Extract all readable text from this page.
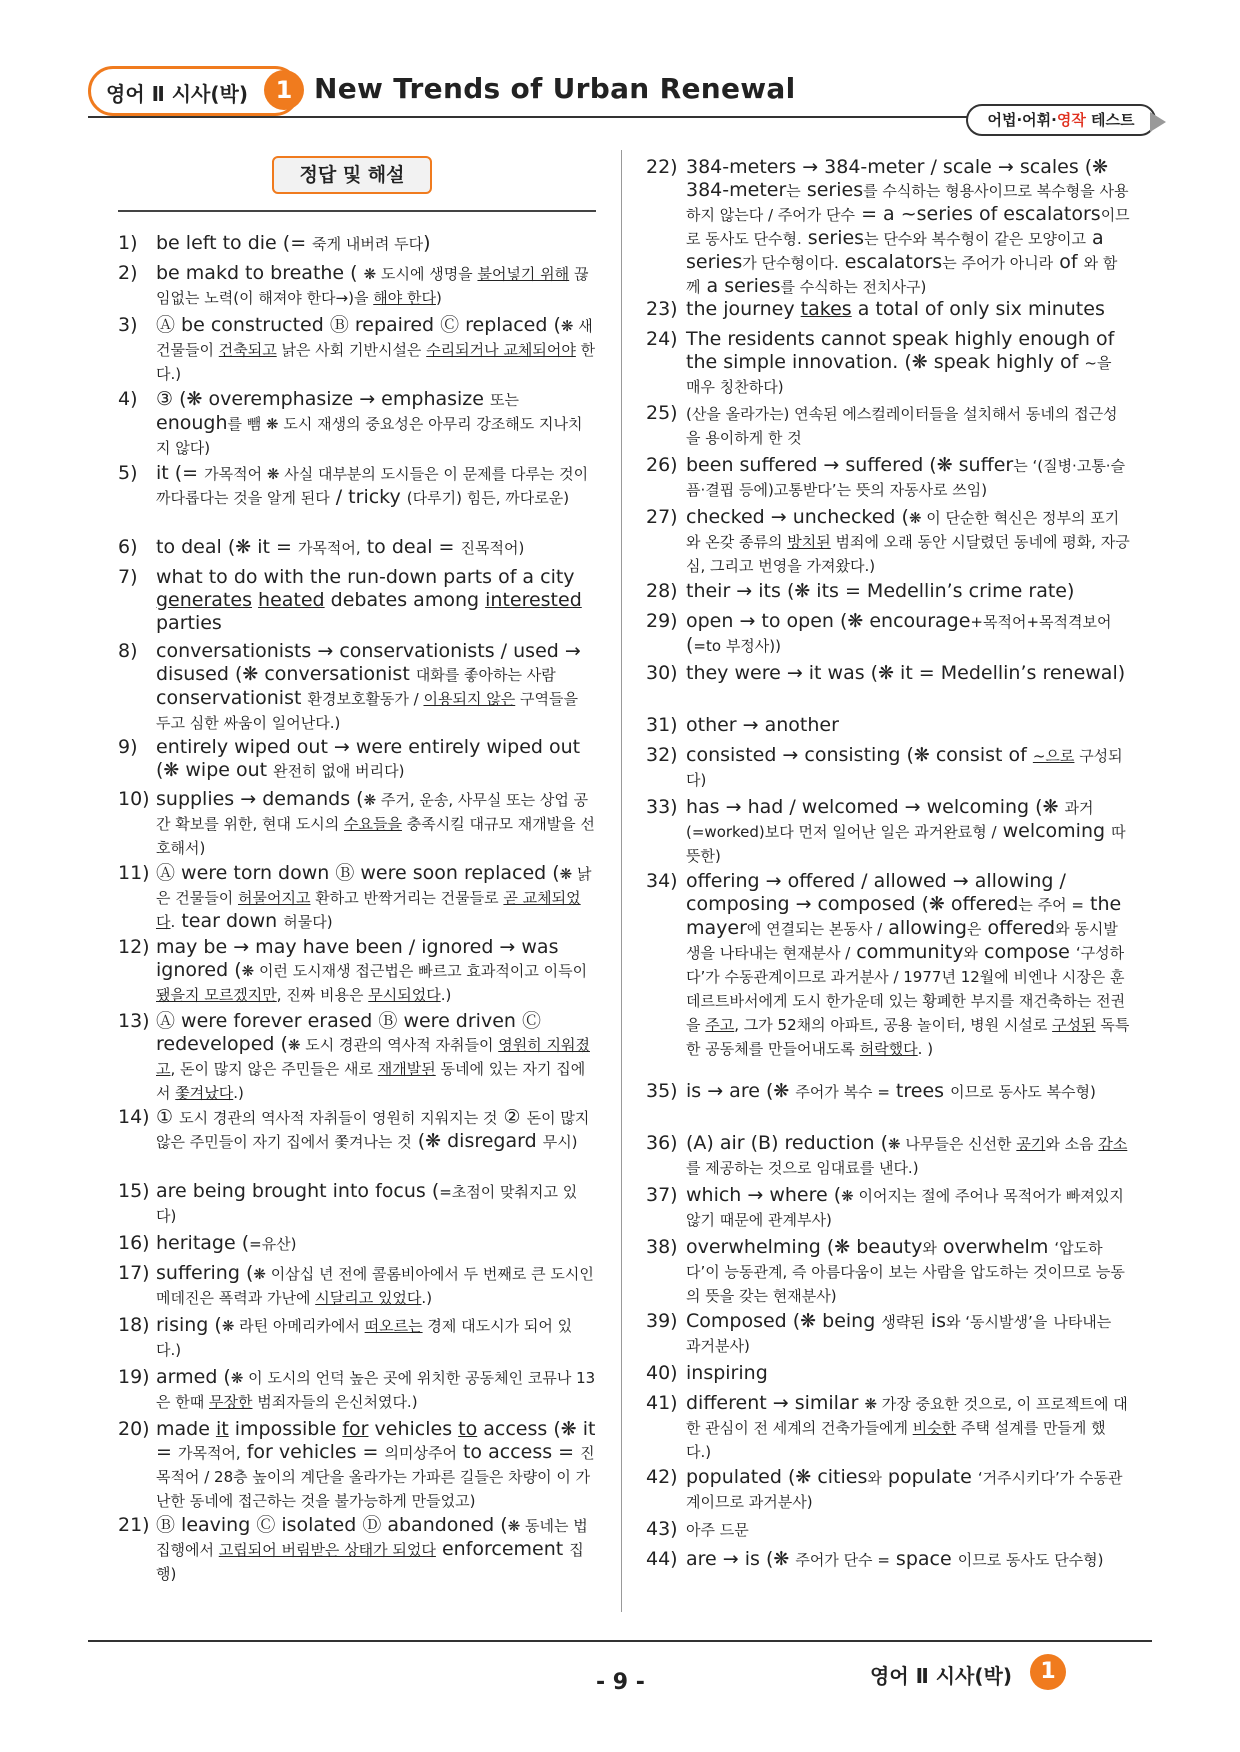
영어 Ⅱ 시사(박)	1 New Trends of Urban Renewal
어법·어휘·영작 테스트
정답 및 해설
1) be left to die (= 죽게 내버려 두다)
2) be makd to breathe ( ❋ 도시에 생명을 불어넣기 위해 끊임없는 노력(이 해져야 한다→)을 해야 한다)
3) Ⓐ be constructed Ⓑ repaired Ⓒ replaced (❋ 새 건물들이 건축되고 낡은 사회 기반시설은 수리되거나 교체되어야 한다.)
4) ③ (❋ overemphasize → emphasize 또는 enough를 뺌 ❋ 도시 재생의 중요성은 아무리 강조해도 지나치지 않다)
5) it (= 가목적어 ❋ 사실 대부분의 도시들은 이 문제를 다루는 것이 까다롭다는 것을 알게 된다 / tricky (다루기) 힘든, 까다로운)
6) to deal (❋ it = 가목적어, to deal = 진목적어)
7) what to do with the run-down parts of a city generates heated debates among interested parties
8) conversationists → conservationists / used → disused (❋ conversationist 대화를 좋아하는 사람 conservationist 환경보호활동가 / 이용되지 않은 구역들을 두고 심한 싸움이 일어난다.)
9) entirely wiped out → were entirely wiped out (❋ wipe out 완전히 없애 버리다)
10) supplies → demands (❋ 주거, 운송, 사무실 또는 상업 공간 확보를 위한, 현대 도시의 수요들을 충족시킬 대규모 재개발을 선호해서)
11) Ⓐ were torn down Ⓑ were soon replaced (❋ 낡은 건물들이 허물어지고 환하고 반짝거리는 건물들로 곧 교체되었다. tear down 허물다)
12) may be → may have been / ignored → was ignored (❋ 이런 도시재생 접근법은 빠르고 효과적이고 이득이 됐을지 모르겠지만, 진짜 비용은 무시되었다.)
13) Ⓐ were forever erased Ⓑ were driven Ⓒ redeveloped (❋ 도시 경관의 역사적 자취들이 영원히 지워졌고, 돈이 많지 않은 주민들은 새로 재개발된 동네에 있는 자기 집에서 쫓겨났다.)
14) ① 도시 경관의 역사적 자취들이 영원히 지워지는 것 ② 돈이 많지 않은 주민들이 자기 집에서 쫓겨나는 것 (❋ disregard 무시)
15) are being brought into focus (=초점이 맞춰지고 있다)
16) heritage (=유산)
17) suffering (❋ 이삼십 년 전에 콜롬비아에서 두 번째로 큰 도시인 메데진은 폭력과 가난에 시달리고 있었다.)
18) rising (❋ 라틴 아메리카에서 떠오르는 경제 대도시가 되어 있다.)
19) armed (❋ 이 도시의 언덕 높은 곳에 위치한 공동체인 코뮤나 13은 한때 무장한 범죄자들의 은신처였다.)
20) made it impossible for vehicles to access (❋ it = 가목적어, for vehicles = 의미상주어 to access = 진목적어 / 28층 높이의 계단을 올라가는 가파른 길들은 차량이 이 가난한 동네에 접근하는 것을 불가능하게 만들었고)
21) Ⓑ leaving Ⓒ isolated Ⓓ abandoned (❋ 동네는 법 집행에서 고립되어 버림받은 상태가 되었다 enforcement 집행)
22) 384-meters → 384-meter / scale → scales (❋ 384-meter는 series를 수식하는 형용사이므로 복수형을 사용하지 않는다 / 주어가 단수 = a ~series of escalators이므로 동사도 단수형. series는 단수와 복수형이 같은 모양이고 a series가 단수형이다. escalators는 주어가 아니라 of 와 함께 a series를 수식하는 전치사구)
23) the journey takes a total of only six minutes
24) The residents cannot speak highly enough of the simple innovation. (❋ speak highly of ~을 매우 칭찬하다)
25) (산을 올라가는) 연속된 에스컬레이터들을 설치해서 동네의 접근성을 용이하게 한 것
26) been suffered → suffered (❋ suffer는 ‘(질병·고통·슬픔·결핍 등에)고통받다’는 뜻의 자동사로 쓰임)
27) checked → unchecked (❋ 이 단순한 혁신은 정부의 포기와 온갖 종류의 방치된 범죄에 오래 동안 시달렸던 동네에 평화, 자긍심, 그리고 번영을 가져왔다.)
28) their → its (❋ its = Medellin’s crime rate)
29) open → to open (❋ encourage+목적어+목적격보어 (=to 부정사))
30) they were → it was (❋ it = Medellin’s renewal)
31) other → another
32) consisted → consisting (❋ consist of ~으로 구성되다)
33) has → had / welcomed → welcoming (❋ 과거(=worked)보다 먼저 일어난 일은 과거완료형 / welcoming 따뜻한)
34) offering → offered / allowed → allowing / composing → composed (❋ offered는 주어 = the mayer에 연결되는 본동사 / allowing은 offered와 동시발생을 나타내는 현재분사 / community와 compose ‘구성하다’가 수동관계이므로 과거분사 / 1977년 12월에 비엔나 시장은 훈데르트바서에게 도시 한가운데 있는 황폐한 부지를 재건축하는 전권을 주고, 그가 52채의 아파트, 공용 놀이터, 병원 시설로 구성된 독특한 공동체를 만들어내도록 허락했다. )
35) is → are (❋ 주어가 복수 = trees 이므로 동사도 복수형)
36) (A) air (B) reduction (❋ 나무들은 신선한 공기와 소음 감소를 제공하는 것으로 임대료를 낸다.)
37) which → where (❋ 이어지는 절에 주어나 목적어가 빠져있지 않기 때문에 관계부사)
38) overwhelming (❋ beauty와 overwhelm ‘압도하다’이 능동관계, 즉 아름다움이 보는 사람을 압도하는 것이므로 능동의 뜻을 갖는 현재분사)
39) Composed (❋ being 생략된 is와 ‘동시발생’을 나타내는 과거분사)
40) inspiring
41) different → similar ❋ 가장 중요한 것으로, 이 프로젝트에 대한 관심이 전 세계의 건축가들에게 비슷한 주택 설계를 만들게 했다.)
42) populated (❋ cities와 populate ‘거주시키다’가 수동관계이므로 과거분사)
43) 아주 드문
44) are → is (❋ 주어가 단수 = space 이므로 동사도 단수형)
- 9 -	영어 Ⅱ 시사(박)	1
